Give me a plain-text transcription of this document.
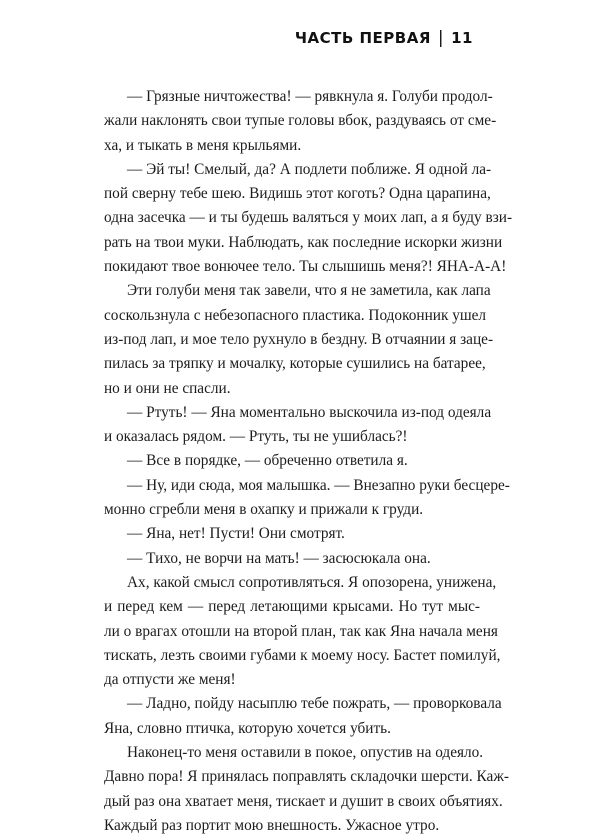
ЧАСТЬ ПЕРВАЯ | 11
— Грязные ничтожества! — рявкнула я. Голуби продол-
жали наклонять свои тупые головы вбок, раздуваясь от сме-
ха, и тыкать в меня крыльями.
— Эй ты! Смелый, да? А подлети поближе. Я одной ла-
пой сверну тебе шею. Видишь этот коготь? Одна царапина,
одна засечка — и ты будешь валяться у моих лап, а я буду взи-
рать на твои муки. Наблюдать, как последние искорки жизни
покидают твое вонючее тело. Ты слышишь меня?! ЯНА-А-А!
Эти голуби меня так завели, что я не заметила, как лапа
соскользнула с небезопасного пластика. Подоконник ушел
из-под лап, и мое тело рухнуло в бездну. В отчаянии я заце-
пилась за тряпку и мочалку, которые сушились на батарее,
но и они не спасли.
— Ртуть! — Яна моментально выскочила из-под одеяла
и оказалась рядом. — Ртуть, ты не ушиблась?!
— Все в порядке, — обреченно ответила я.
— Ну, иди сюда, моя малышка. — Внезапно руки бесцере-
монно сгребли меня в охапку и прижали к груди.
— Яна, нет! Пусти! Они смотрят.
— Тихо, не ворчи на мать! — засюсюкала она.
Ах, какой смысл сопротивляться. Я опозорена, унижена,
и перед кем — перед летающими крысами. Но тут мыс-
ли о врагах отошли на второй план, так как Яна начала меня
тискать, лезть своими губами к моему носу. Бастет помилуй,
да отпусти же меня!
— Ладно, пойду насыплю тебе пожрать, — проворковала
Яна, словно птичка, которую хочется убить.
Наконец-то меня оставили в покое, опустив на одеяло.
Давно пора! Я принялась поправлять складочки шерсти. Каж-
дый раз она хватает меня, тискает и душит в своих объятиях.
Каждый раз портит мою внешность. Ужасное утро.
